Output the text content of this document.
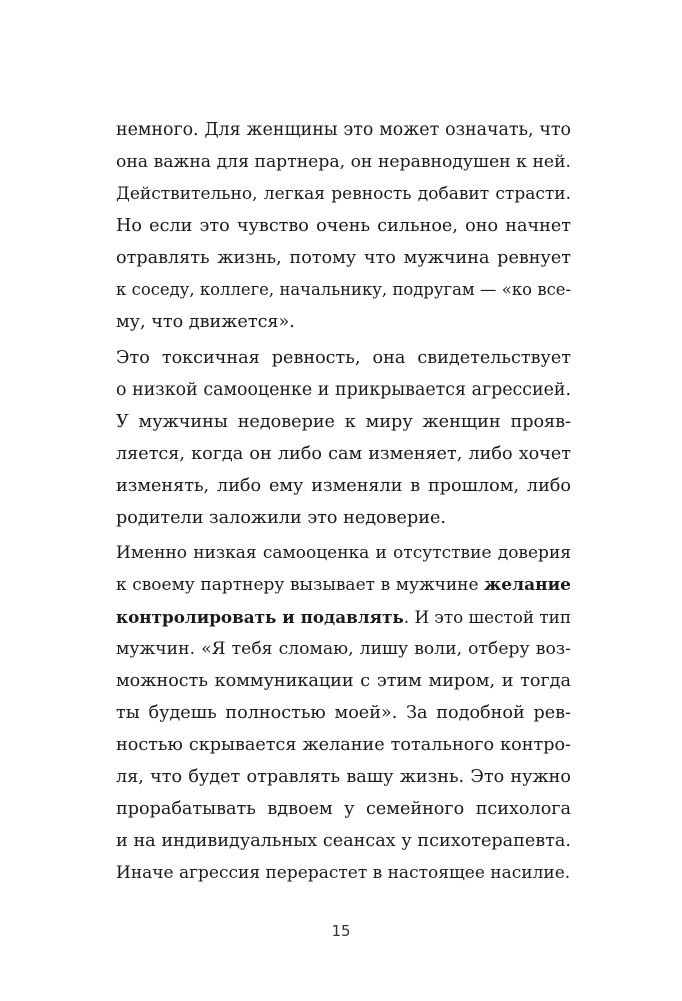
немного. Для женщины это может означать, что
она важна для партнера, он неравнодушен к ней.
Действительно, легкая ревность добавит страсти.
Но если это чувство очень сильное, оно начнет
отравлять жизнь, потому что мужчина ревнует
к соседу, коллеге, начальнику, подругам — «ко все-
му, что движется».
Это токсичная ревность, она свидетельствует
о низкой самооценке и прикрывается агрессией.
У мужчины недоверие к миру женщин прояв-
ляется, когда он либо сам изменяет, либо хочет
изменять, либо ему изменяли в прошлом, либо
родители заложили это недоверие.
Именно низкая самооценка и отсутствие доверия
к своему партнеру вызывает в мужчине желание
контролировать и подавлять. И это шестой тип
мужчин. «Я тебя сломаю, лишу воли, отберу воз-
можность коммуникации с этим миром, и тогда
ты будешь полностью моей». За подобной рев-
ностью скрывается желание тотального контро-
ля, что будет отравлять вашу жизнь. Это нужно
прорабатывать вдвоем у семейного психолога
и на индивидуальных сеансах у психотерапевта.
Иначе агрессия перерастет в настоящее насилие.
15
